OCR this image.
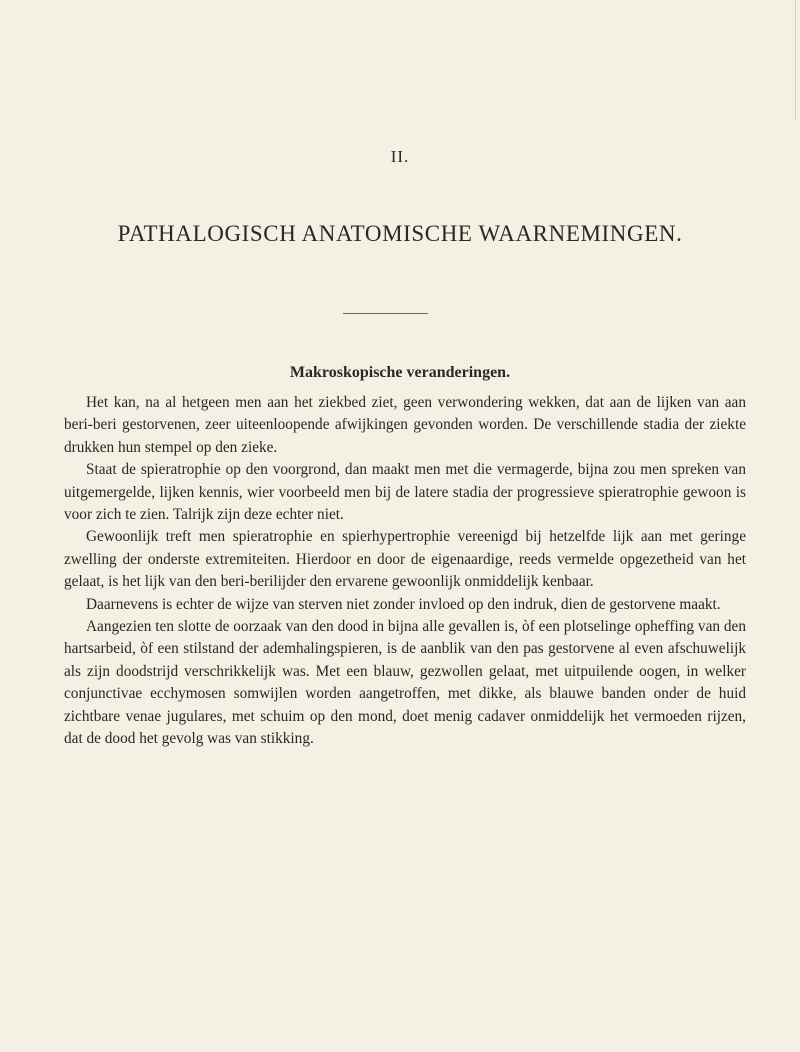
II.
PATHALOGISCH ANATOMISCHE WAARNEMINGEN.
Makroskopische veranderingen.

Het kan, na al hetgeen men aan het ziekbed ziet, geen verwondering wekken, dat aan de lijken van aan beri-beri gestorvenen, zeer uiteenloopende afwijkingen gevonden worden. De verschillende stadia der ziekte drukken hun stempel op den zieke.

Staat de spieratrophie op den voorgrond, dan maakt men met die vermagerde, bijna zou men spreken van uitgemergelde, lijken kennis, wier voorbeeld men bij de latere stadia der progressieve spieratrophie gewoon is voor zich te zien. Talrijk zijn deze echter niet.

Gewoonlijk treft men spieratrophie en spierhypertrophie vereenigd bij hetzelfde lijk aan met geringe zwelling der onderste extremiteiten. Hierdoor en door de eigenaardige, reeds vermelde opgezetheid van het gelaat, is het lijk van den beri-berilijder den ervarene gewoonlijk onmiddelijk kenbaar.

Daarnevens is echter de wijze van sterven niet zonder invloed op den indruk, dien de gestorvene maakt.

Aangezien ten slotte de oorzaak van den dood in bijna alle gevallen is, òf een plotselinge opheffing van den hartsarbeid, òf een stilstand der ademhalingspieren, is de aanblik van den pas gestorvene al even afschuwelijk als zijn doodstrijd verschrikkelijk was. Met een blauw, gezwollen gelaat, met uitpuilende oogen, in welker conjunctivae ecchymosen somwijlen worden aangetroffen, met dikke, als blauwe banden onder de huid zichtbare venae jugulares, met schuim op den mond, doet menig cadaver onmiddelijk het vermoeden rijzen, dat de dood het gevolg was van stikking.
